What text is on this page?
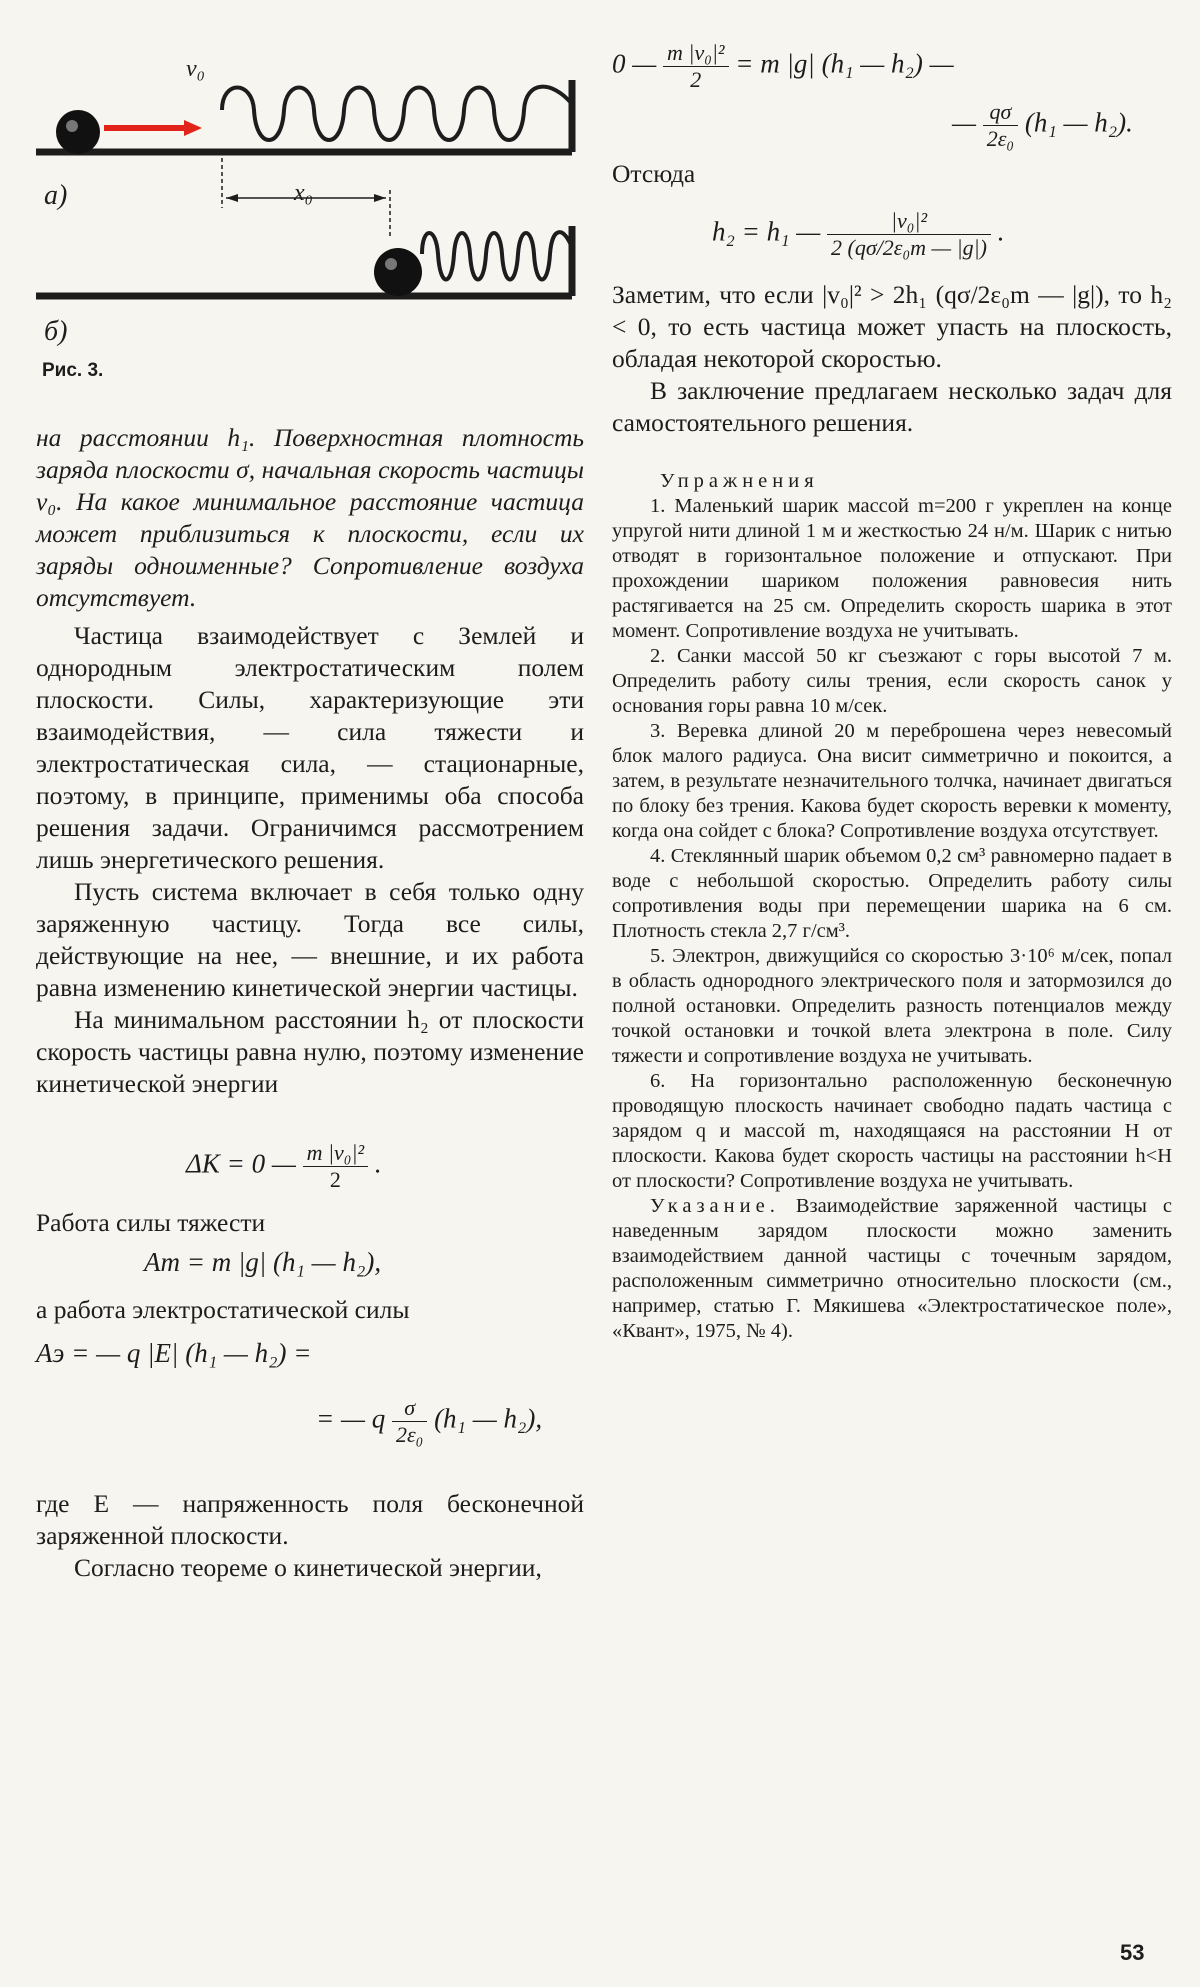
v₀
а)	x₀
б)
Рис. 3.

на расстоянии h₁. Поверхностная плотность заряда плоскости σ, начальная скорость частицы v₀. На какое минимальное расстояние частица может приблизиться к плоскости, если их заряды одноименные? Сопротивление воздуха отсутствует.

Частица взаимодействует с Землей и однородным электростатическим полем плоскости. Силы, характеризующие эти взаимодействия, — сила тяжести и электростатическая сила, — стационарные, поэтому, в принципе, применимы оба способа решения задачи. Ограничимся рассмотрением лишь энергетического решения.

Пусть система включает в себя только одну заряженную частицу. Тогда все силы, действующие на нее, — внешние, и их работа равна изменению кинетической энергии частицы.

На минимальном расстоянии h₂ от плоскости скорость частицы равна нулю, поэтому изменение кинетической энергии

ΔK = 0 — $\frac{\text{m |v₀|²}}{2}$ .

Работа силы тяжести

Aт = m |g| (h₁ — h₂),

а работа электростатической силы

Aэ = — q |E| (h₁ — h₂) =
= — q $\frac{\sigma}{\text{2ε₀}} (h_1$ — h₂),

где E — напряженность поля бесконечной заряженной плоскости.

Согласно теореме о кинетической энергии,

0 — $\frac{\text{m |v₀|²}}{2} = m$ |g| (h₁ — h₂) —
— $\frac{q\sigma}{\text{2ε₀}} (h_1$ — h₂).

Отсюда

h₂ = h₁ — $\frac{\text{|v₀|²}}{\text{2 (qσ/2ε₀m — |g|)}}$ .

Заметим, что если |v₀|² > 2h₁ (qσ/2ε₀m — |g|), то h₂ < 0, то есть частица может упасть на плоскость, обладая некоторой скоростью.

В заключение предлагаем несколько задач для самостоятельного решения.

Упражнения

1. Маленький шарик массой m=200 г укреплен на конце упругой нити длиной 1 м и жесткостью 24 н/м. Шарик с нитью отводят в горизонтальное положение и отпускают. При прохождении шариком положения равновесия нить растягивается на 25 см. Определить скорость шарика в этот момент. Сопротивление воздуха не учитывать.

2. Санки массой 50 кг съезжают с горы высотой 7 м. Определить работу силы трения, если скорость санок у основания горы равна 10 м/сек.

3. Веревка длиной 20 м переброшена через невесомый блок малого радиуса. Она висит симметрично и покоится, а затем, в результате незначительного толчка, начинает двигаться по блоку без трения. Какова будет скорость веревки к моменту, когда она сойдет с блока? Сопротивление воздуха отсутствует.

4. Стеклянный шарик объемом 0,2 см³ равномерно падает в воде с небольшой скоростью. Определить работу силы сопротивления воды при перемещении шарика на 6 см. Плотность стекла 2,7 г/см³.

5. Электрон, движущийся со скоростью 3·10⁶ м/сек, попал в область однородного электрического поля и затормозился до полной остановки. Определить разность потенциалов между точкой остановки и точкой влета электрона в поле. Силу тяжести и сопротивление воздуха не учитывать.

6. На горизонтально расположенную бесконечную проводящую плоскость начинает свободно падать частица с зарядом q и массой m, находящаяся на расстоянии H от плоскости. Какова будет скорость частицы на расстоянии h<H от плоскости? Сопротивление воздуха не учитывать.

Указание. Взаимодействие заряженной частицы с наведенным зарядом плоскости можно заменить взаимодействием данной частицы с точечным зарядом, расположенным симметрично относительно плоскости (см., например, статью Г. Мякишева «Электростатическое поле», «Квант», 1975, № 4).

53
